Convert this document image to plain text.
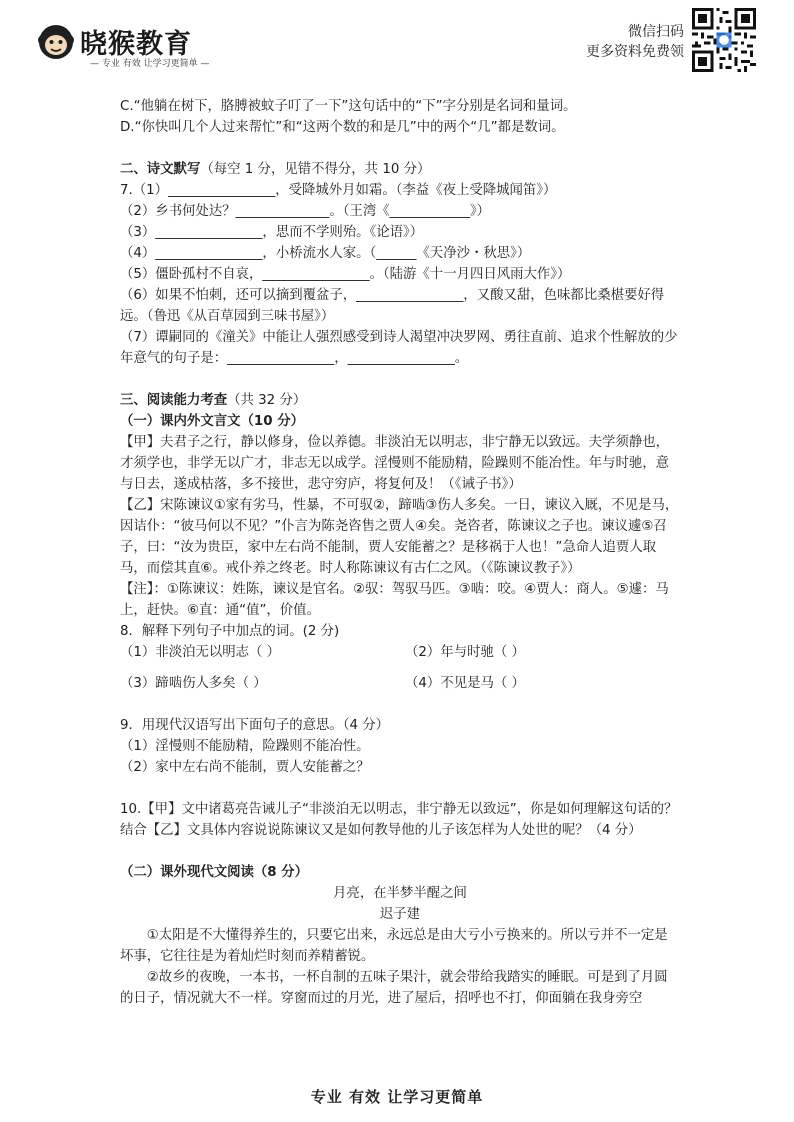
晓猴教育
— 专业 有效 让学习更简单 —
微信扫码
更多资料免费领

C.“他躺在树下，胳膊被蚊子叮了一下”这句话中的“下”字分别是名词和量词。

D.“你快叫几个人过来帮忙”和“这两个数的和是几”中的两个“几”都是数词。

二、诗文默写（每空 1 分，见错不得分，共 10 分）

7.（1）________________，受降城外月如霜。（李益《夜上受降城闻笛》）

（2）乡书何处达？______________。（王湾《____________》）

（3）________________，思而不学则殆。《论语》）

（4）________________，小桥流水人家。（______《天净沙・秋思》）

（5）僵卧孤村不自哀，________________。（陆游《十一月四日风雨大作》）

（6）如果不怕刺，还可以摘到覆盆子，________________，又酸又甜，色味都比桑椹要好得远。（鲁迅《从百草园到三味书屋》）

（7）谭嗣同的《潼关》中能让人强烈感受到诗人渴望冲决罗网、勇往直前、追求个性解放的少年意气的句子是：________________，________________。

三、阅读能力考查（共 32 分）

（一）课内外文言文（10 分）

【甲】夫君子之行，静以修身，俭以养德。非淡泊无以明志，非宁静无以致远。夫学须静也，才须学也，非学无以广才，非志无以成学。淫慢则不能励精，险躁则不能冶性。年与时驰，意与日去，遂成枯落，多不接世，悲守穷庐，将复何及！（《诫子书》）

【乙】宋陈谏议①家有劣马，性暴，不可驭②，蹄啮③伤人多矣。一日，谏议入厩，不见是马，因诘仆：“彼马何以不见？”仆言为陈尧咨售之贾人④矣。尧咨者，陈谏议之子也。谏议遽⑤召子，曰：“汝为贵臣，家中左右尚不能制，贾人安能蓄之？是移祸于人也！”急命人追贾人取马，而偿其直⑥。戒仆养之终老。时人称陈谏议有古仁之风。（《陈谏议教子》）

【注】：①陈谏议：姓陈，谏议是官名。②驭：驾驭马匹。③啮：咬。④贾人：商人。⑤遽：马上，赶快。⑥直：通“值”，价值。

8．解释下列句子中加点的词。(2 分)

（1）非淡泊无以明志（ ）	（2）年与时驰（ ）
（3）蹄啮伤人多矣（ ）	（4）不见是马（ ）

9．用现代汉语写出下面句子的意思。（4 分）

（1）淫慢则不能励精，险躁则不能冶性。

（2）家中左右尚不能制，贾人安能蓄之？

10.【甲】文中诸葛亮告诫儿子“非淡泊无以明志，非宁静无以致远”，你是如何理解这句话的？结合【乙】文具体内容说说陈谏议又是如何教导他的儿子该怎样为人处世的呢？（4 分）

（二）课外现代文阅读（8 分）

月亮，在半梦半醒之间

迟子建

①太阳是不大懂得养生的，只要它出来，永远总是由大亏小亏换来的。所以亏并不一定是坏事，它往往是为着灿烂时刻而养精蓄锐。

②故乡的夜晚，一本书，一杯自制的五味子果汁，就会带给我踏实的睡眠。可是到了月圆的日子，情况就大不一样。穿窗而过的月光，进了屋后，招呼也不打，仰面躺在我身旁空

专业 有效 让学习更简单
